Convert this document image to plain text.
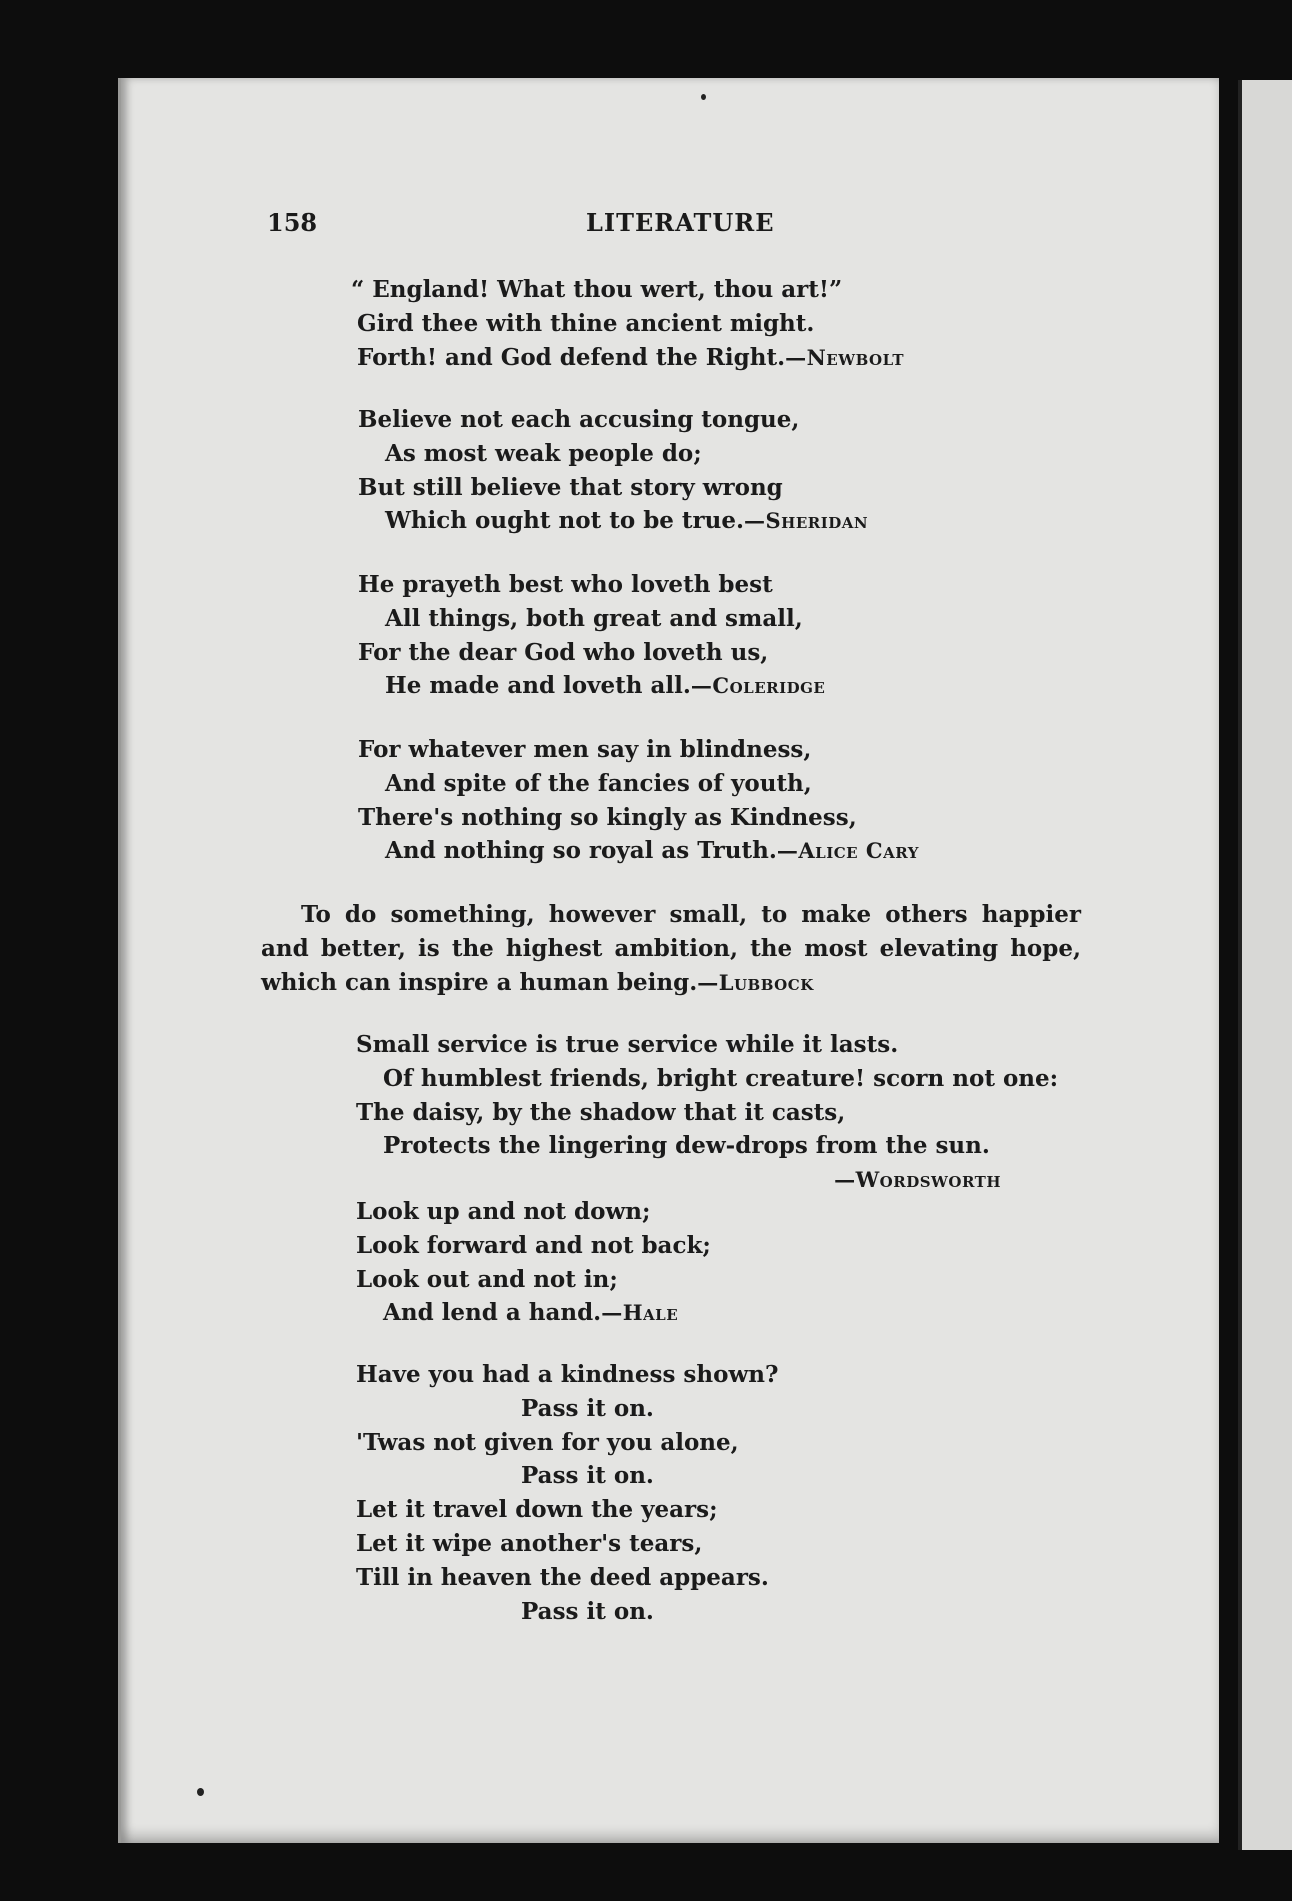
158	LITERATURE
“ England! What thou wert, thou art!”
Gird thee with thine ancient might.
Forth! and God defend the Right.—Newbolt
Believe not each accusing tongue,
As most weak people do;
But still believe that story wrong
Which ought not to be true.—Sheridan
He prayeth best who loveth best
All things, both great and small,
For the dear God who loveth us,
He made and loveth all.—Coleridge
For whatever men say in blindness,
And spite of the fancies of youth,
There's nothing so kingly as Kindness,
And nothing so royal as Truth.—Alice Cary
To do something, however small, to make others happier and better, is the highest ambition, the most elevating hope, which can inspire a human being.—Lubbock
Small service is true service while it lasts.
Of humblest friends, bright creature! scorn not one:
The daisy, by the shadow that it casts,
Protects the lingering dew-drops from the sun.
—Wordsworth
Look up and not down;
Look forward and not back;
Look out and not in;
And lend a hand.—Hale
Have you had a kindness shown?
Pass it on.
'Twas not given for you alone,
Pass it on.
Let it travel down the years;
Let it wipe another's tears,
Till in heaven the deed appears.
Pass it on.
